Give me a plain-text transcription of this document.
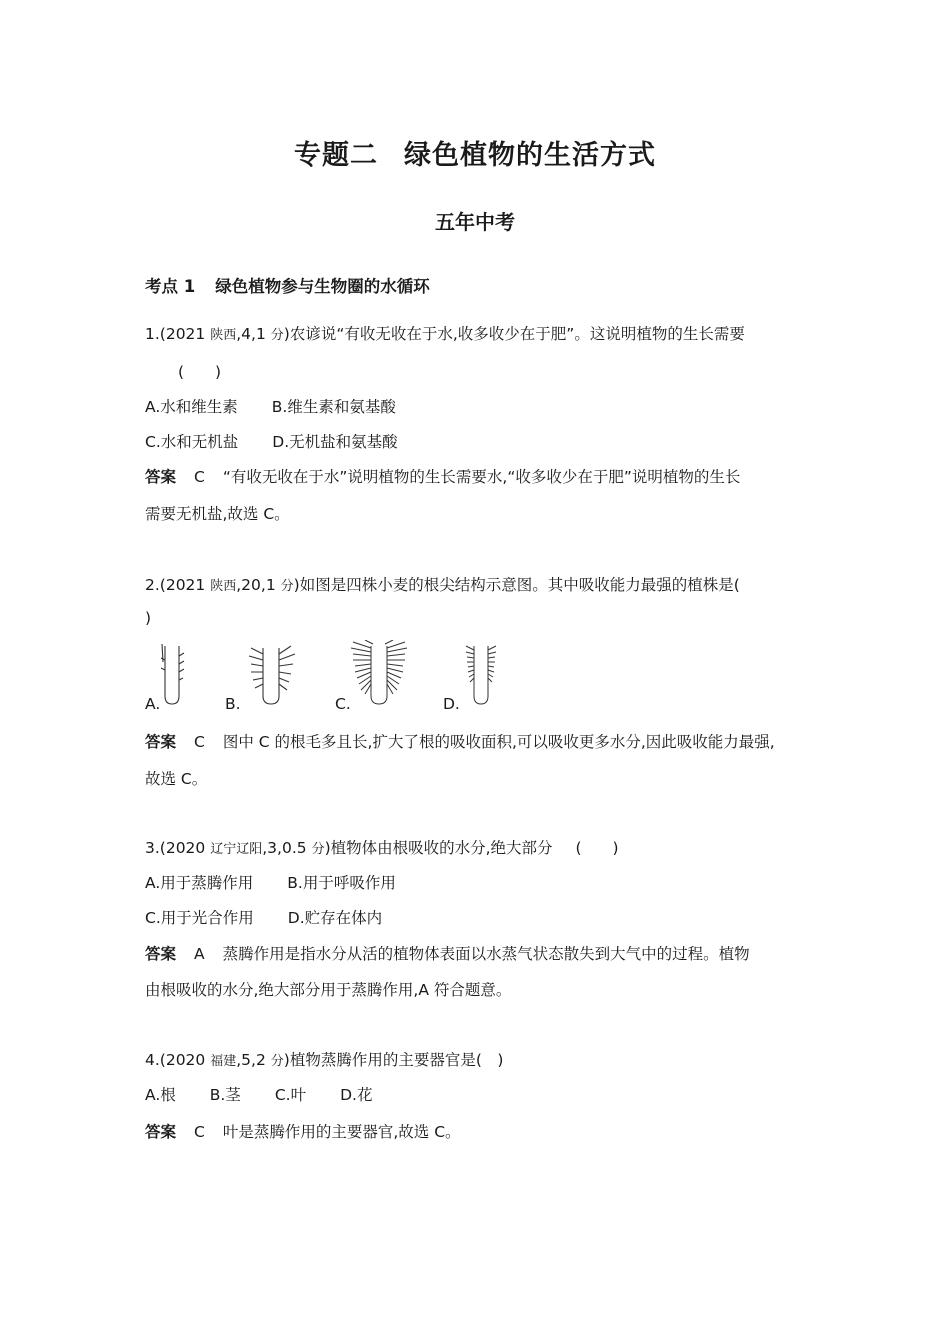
专题二 绿色植物的生活方式
五年中考
考点 1 绿色植物参与生物圈的水循环
1.(2021 陕西,4,1 分)农谚说“有收无收在于水,收多收少在于肥”。这说明植物的生长需要
(　　)
A.水和维生素 B.维生素和氨基酸
C.水和无机盐 D.无机盐和氨基酸
答案 C “有收无收在于水”说明植物的生长需要水,“收多收少在于肥”说明植物的生长
需要无机盐,故选 C。
2.(2021 陕西,20,1 分)如图是四株小麦的根尖结构示意图。其中吸收能力最强的植株是(
)
A.	B.	C.	D.
答案 C 图中 C 的根毛多且长,扩大了根的吸收面积,可以吸收更多水分,因此吸收能力最强,
故选 C。
3.(2020 辽宁辽阳,3,0.5 分)植物体由根吸收的水分,绝大部分 (　　)
A.用于蒸腾作用 B.用于呼吸作用
C.用于光合作用 D.贮存在体内
答案 A 蒸腾作用是指水分从活的植物体表面以水蒸气状态散失到大气中的过程。植物
由根吸收的水分,绝大部分用于蒸腾作用,A 符合题意。
4.(2020 福建,5,2 分)植物蒸腾作用的主要器官是(　)
A.根 B.茎 C.叶 D.花
答案 C 叶是蒸腾作用的主要器官,故选 C。
